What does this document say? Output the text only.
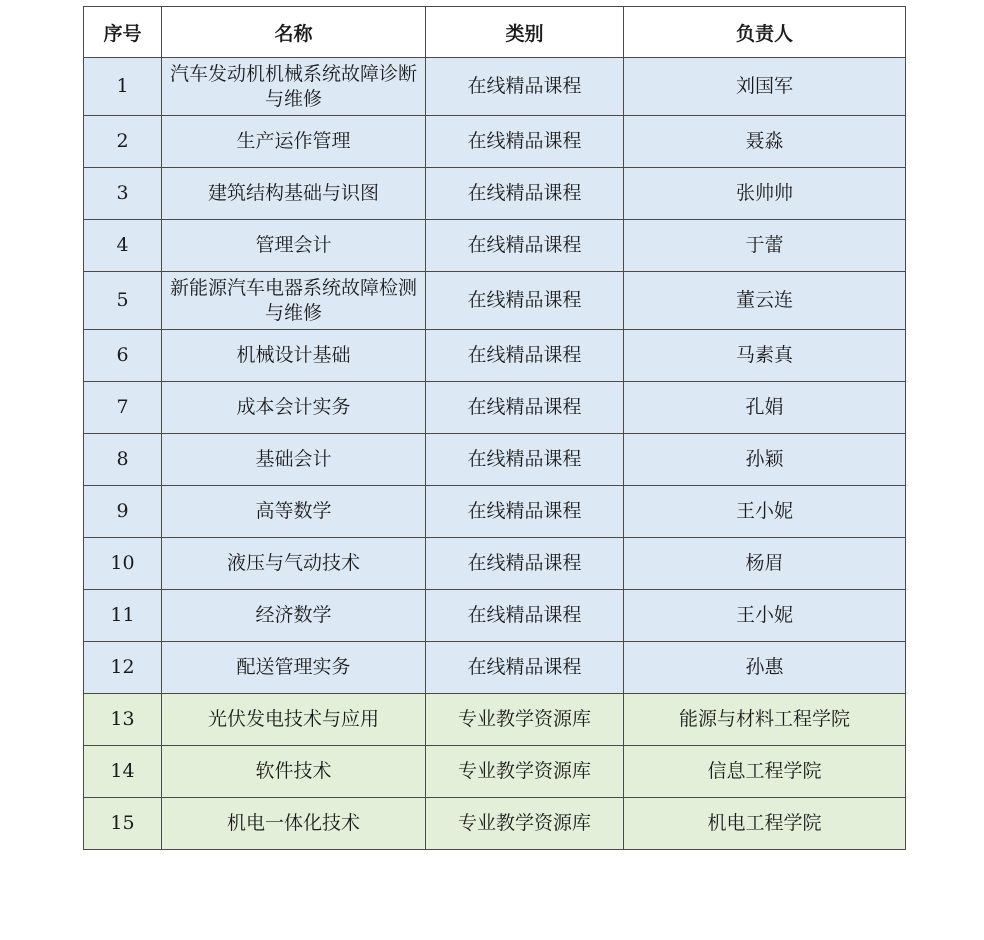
序号	名称	类别	负责人
1	汽车发动机机械系统故障诊断与维修	在线精品课程	刘国军
2	生产运作管理	在线精品课程	聂淼
3	建筑结构基础与识图	在线精品课程	张帅帅
4	管理会计	在线精品课程	于蕾
5	新能源汽车电器系统故障检测与维修	在线精品课程	董云连
6	机械设计基础	在线精品课程	马素真
7	成本会计实务	在线精品课程	孔娟
8	基础会计	在线精品课程	孙颖
9	高等数学	在线精品课程	王小妮
10	液压与气动技术	在线精品课程	杨眉
11	经济数学	在线精品课程	王小妮
12	配送管理实务	在线精品课程	孙惠
13	光伏发电技术与应用	专业教学资源库	能源与材料工程学院
14	软件技术	专业教学资源库	信息工程学院
15	机电一体化技术	专业教学资源库	机电工程学院
